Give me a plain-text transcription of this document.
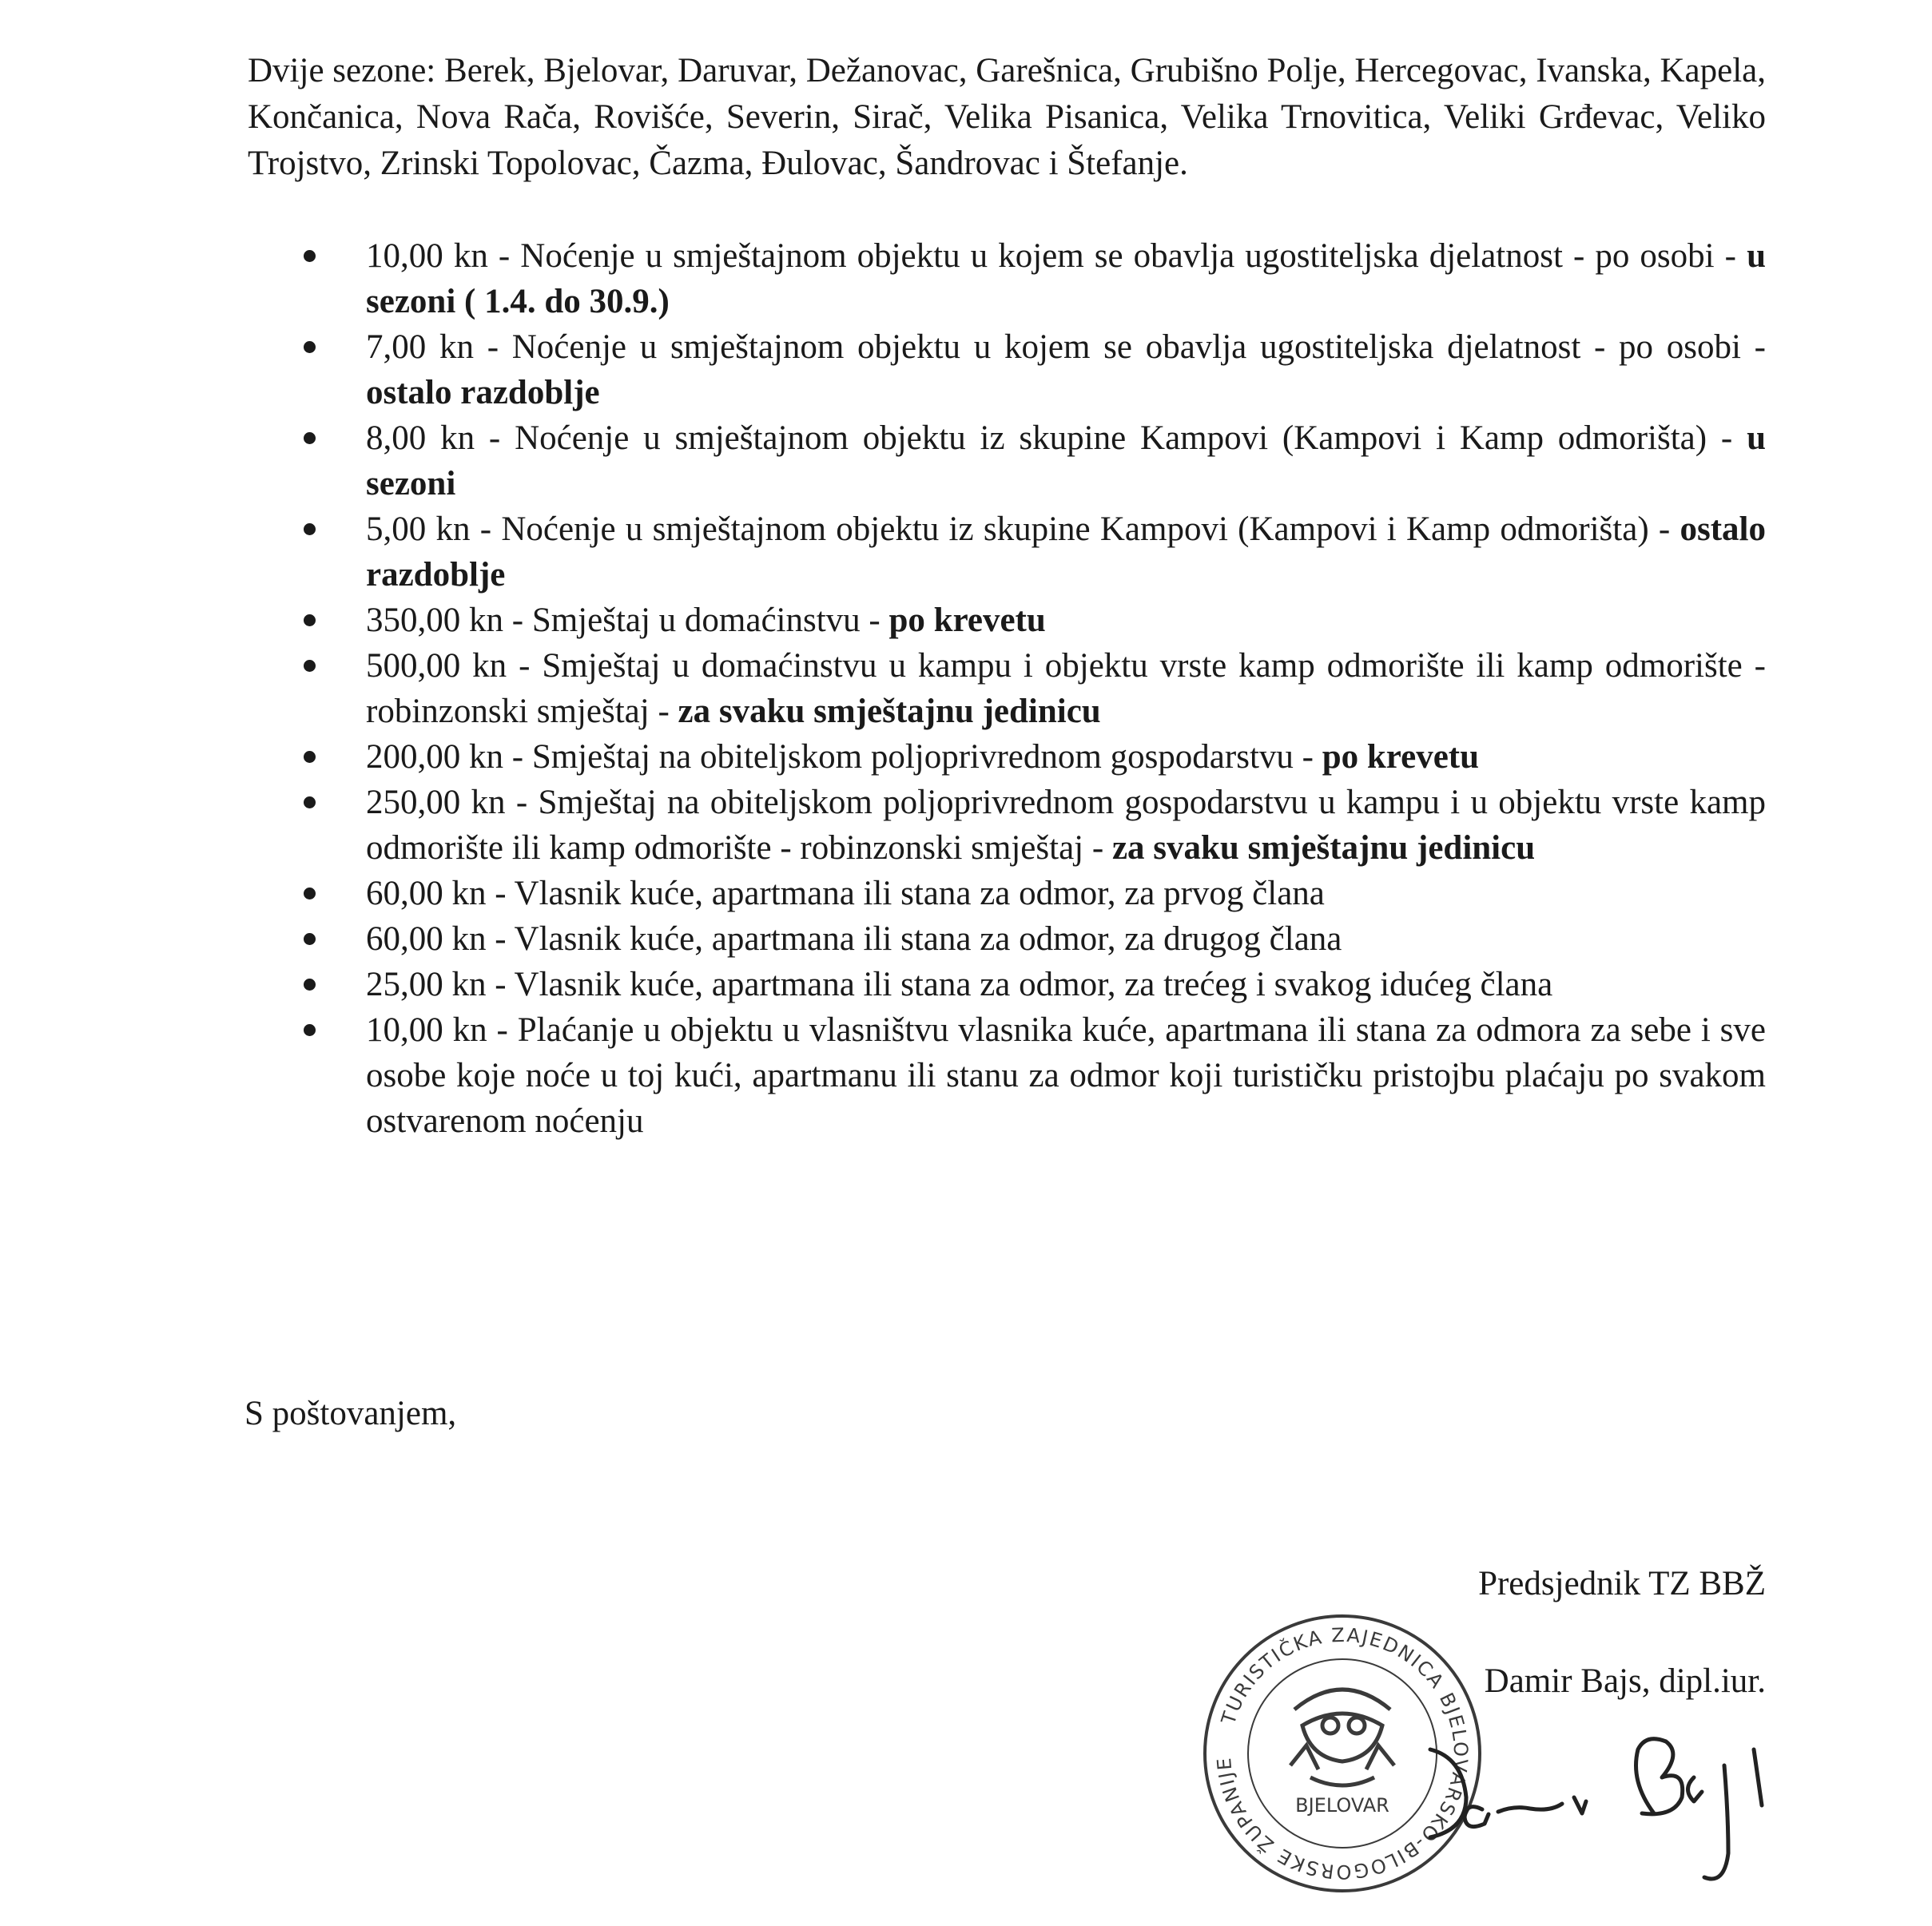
Dvije sezone: Berek, Bjelovar, Daruvar, Dežanovac, Garešnica, Grubišno Polje, Hercegovac, Ivanska, Kapela, Končanica, Nova Rača, Rovišće, Severin, Sirač, Velika Pisanica, Velika Trnovitica, Veliki Grđevac, Veliko Trojstvo, Zrinski Topolovac, Čazma, Đulovac, Šandrovac i Štefanje.

10,00 kn - Noćenje u smještajnom objektu u kojem se obavlja ugostiteljska djelatnost - po osobi - u sezoni ( 1.4. do 30.9.)
7,00 kn - Noćenje u smještajnom objektu u kojem se obavlja ugostiteljska djelatnost - po osobi - ostalo razdoblje
8,00 kn - Noćenje u smještajnom objektu iz skupine Kampovi (Kampovi i Kamp odmorišta) - u sezoni
5,00 kn - Noćenje u smještajnom objektu iz skupine Kampovi (Kampovi i Kamp odmorišta) - ostalo razdoblje
350,00 kn - Smještaj u domaćinstvu - po krevetu
500,00 kn - Smještaj u domaćinstvu u kampu i objektu vrste kamp odmorište ili kamp odmorište - robinzonski smještaj - za svaku smještajnu jedinicu
200,00 kn - Smještaj na obiteljskom poljoprivrednom gospodarstvu - po krevetu
250,00 kn - Smještaj na obiteljskom poljoprivrednom gospodarstvu u kampu i u objektu vrste kamp odmorište ili kamp odmorište - robinzonski smještaj - za svaku smještajnu jedinicu
60,00 kn - Vlasnik kuće, apartmana ili stana za odmor, za prvog člana
60,00 kn - Vlasnik kuće, apartmana ili stana za odmor, za drugog člana
25,00 kn - Vlasnik kuće, apartmana ili stana za odmor, za trećeg i svakog idućeg člana
10,00 kn - Plaćanje u objektu u vlasništvu vlasnika kuće, apartmana ili stana za odmora za sebe i sve osobe koje noće u toj kući, apartmanu ili stanu za odmor koji turističku pristojbu plaćaju po svakom ostvarenom noćenju
S poštovanjem,
Predsjednik TZ BBŽ
Damir Bajs, dipl.iur.
TURISTIČKA ZAJEDNICA BJELOVARSKO-BILOGORSKE ŽUPANIJE
BJELOVAR
